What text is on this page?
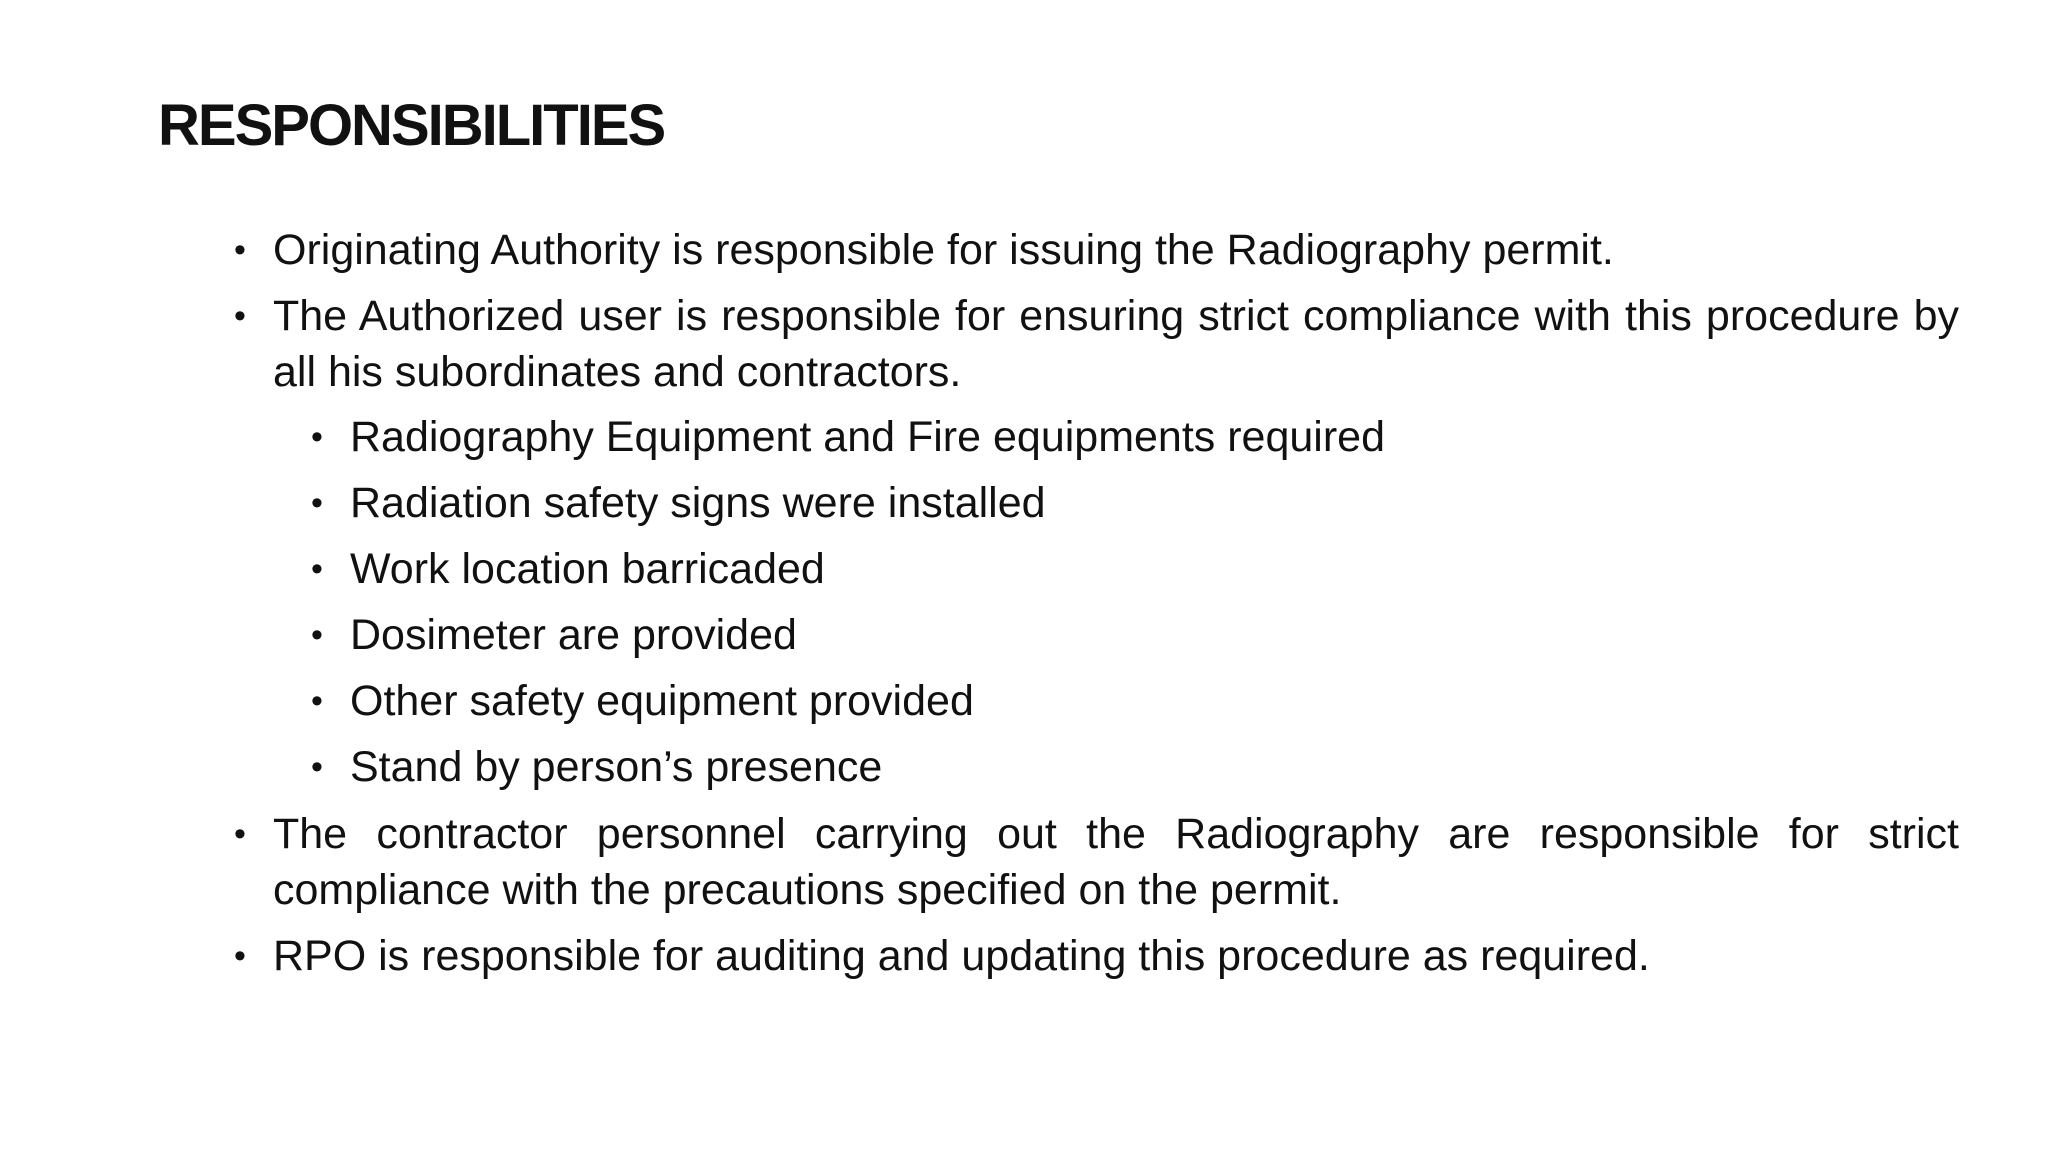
RESPONSIBILITIES

• Originating Authority is responsible for issuing the Radiography permit.

• The Authorized user is responsible for ensuring strict compliance with this procedure by all his subordinates and contractors.

• Radiography Equipment and Fire equipments required

• Radiation safety signs were installed

• Work location barricaded

• Dosimeter are provided

• Other safety equipment provided

• Stand by person’s presence

• The contractor personnel carrying out the Radiography are responsible for strict compliance with the precautions specified on the permit.

• RPO is responsible for auditing and updating this procedure as required.
